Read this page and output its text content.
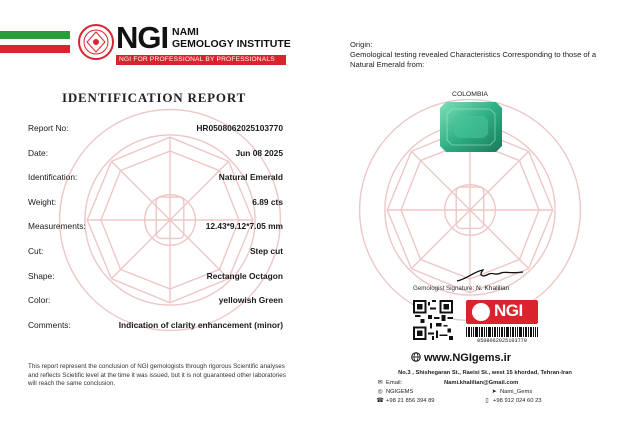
NGI NAMI
GEMOLOGY INSTITUTE
NGI FOR PROFESSIONAL BY PROFESSIONALS
IDENTIFICATION REPORT
Report No:	HR0508062025103770
Date:	Jun 08 2025
Identification:	Natural Emerald
Weight:	6.89 cts
Measurements:	12.43*9.12*7.05 mm
Cut:	Step cut
Shape:	Rectangle Octagon
Color:	yellowish Green
Comments:	Indication of clarity enhancement (minor)
This report represent the conclusion of NGI gemologists through rigorous Scientific analyses and reflects Scietific level at the time it was issued, but it is not guaranteed other laboratories will reach the same conclusion.
Origin:
Gemological testing revealed Characteristics Corresponding to those of a Natural Emerald from:
COLOMBIA
Gemologist Signature: N. Khalilian
NGI
0508062025103770
www.NGIgems.ir
No.3 , Shishegaran St., Raeisi St., west 15 khordad, Tehran-Iran
✉ Email:	Nami.khalilian@Gmail.com
◎ NGIGEMS	➤ Nami_Gems
☎ +98 21 856 394 89	▯ +98 912 024 60 23
